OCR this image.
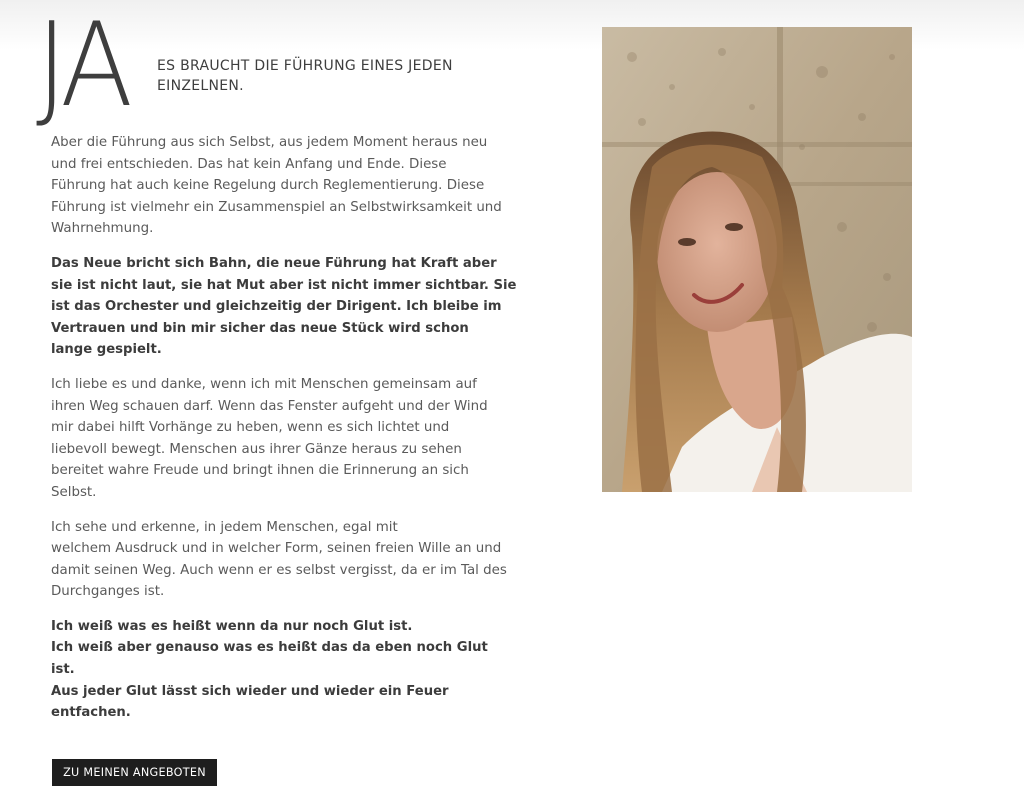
JA ES BRAUCHT DIE FÜHRUNG EINES JEDEN EINZELNEN.

Aber die Führung aus sich Selbst, aus jedem Moment heraus neu
und frei entschieden. Das hat kein Anfang und Ende. Diese
Führung hat auch keine Regelung durch Reglementierung. Diese
Führung ist vielmehr ein Zusammenspiel an Selbstwirksamkeit und
Wahrnehmung.

Das Neue bricht sich Bahn, die neue Führung hat Kraft aber
sie ist nicht laut, sie hat Mut aber ist nicht immer sichtbar. Sie
ist das Orchester und gleichzeitig der Dirigent. Ich bleibe im
Vertrauen und bin mir sicher das neue Stück wird schon
lange gespielt.

Ich liebe es und danke, wenn ich mit Menschen gemeinsam auf
ihren Weg schauen darf. Wenn das Fenster aufgeht und der Wind
mir dabei hilft Vorhänge zu heben, wenn es sich lichtet und
liebevoll bewegt. Menschen aus ihrer Gänze heraus zu sehen
bereitet wahre Freude und bringt ihnen die Erinnerung an sich
Selbst.

Ich sehe und erkenne, in jedem Menschen, egal mit
welchem Ausdruck und in welcher Form, seinen freien Wille an und
damit seinen Weg. Auch wenn er es selbst vergisst, da er im Tal des
Durchganges ist.

Ich weiß was es heißt wenn da nur noch Glut ist.
Ich weiß aber genauso was es heißt das da eben noch Glut
ist.
Aus jeder Glut lässt sich wieder und wieder ein Feuer
entfachen.

ZU MEINEN ANGEBOTEN
